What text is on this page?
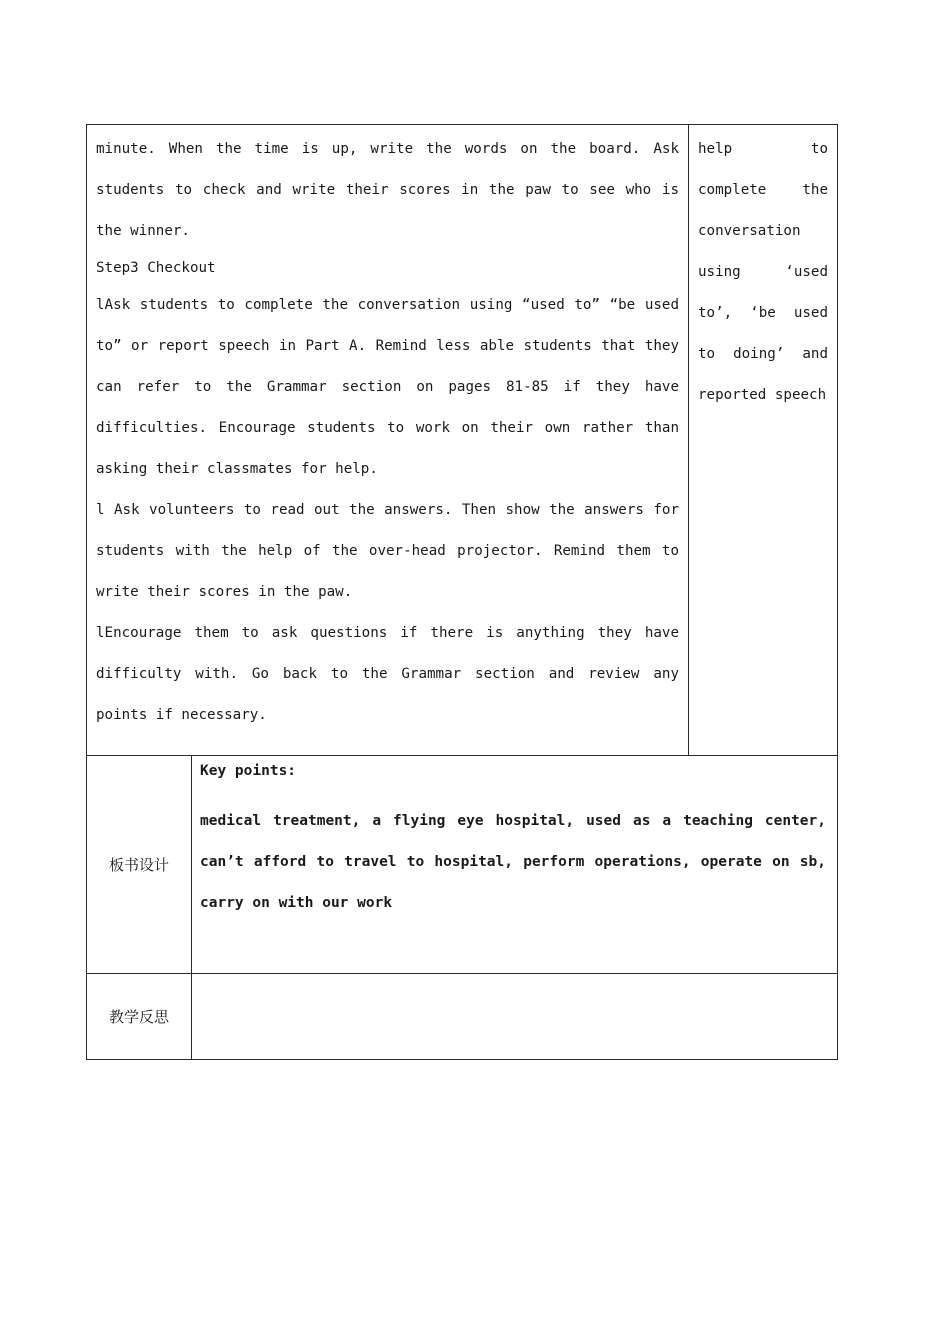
minute. When the time is up, write the words on the board. Ask students to check and write their scores in the paw to see who is the winner.

Step3 Checkout

lAsk students to complete the conversation using “used to” “be used to” or report speech in Part A. Remind less able students that they can refer to the Grammar section on pages 81-85 if they have difficulties. Encourage students to work on their own rather than asking their classmates for help.

l Ask volunteers to read out the answers. Then show the answers for students with the help of the over-head projector. Remind them to write their scores in the paw.

lEncourage them to ask questions if there is anything they have difficulty with. Go back to the Grammar section and review any points if necessary.		help to complete the conversation using ‘used to’, ‘be used to doing’ and reported speech

板书设计	Key points:

medical treatment, a flying eye hospital, used as a teaching center, can’t afford to travel to hospital, perform operations, operate on sb, carry on with our work	

教学反思		
